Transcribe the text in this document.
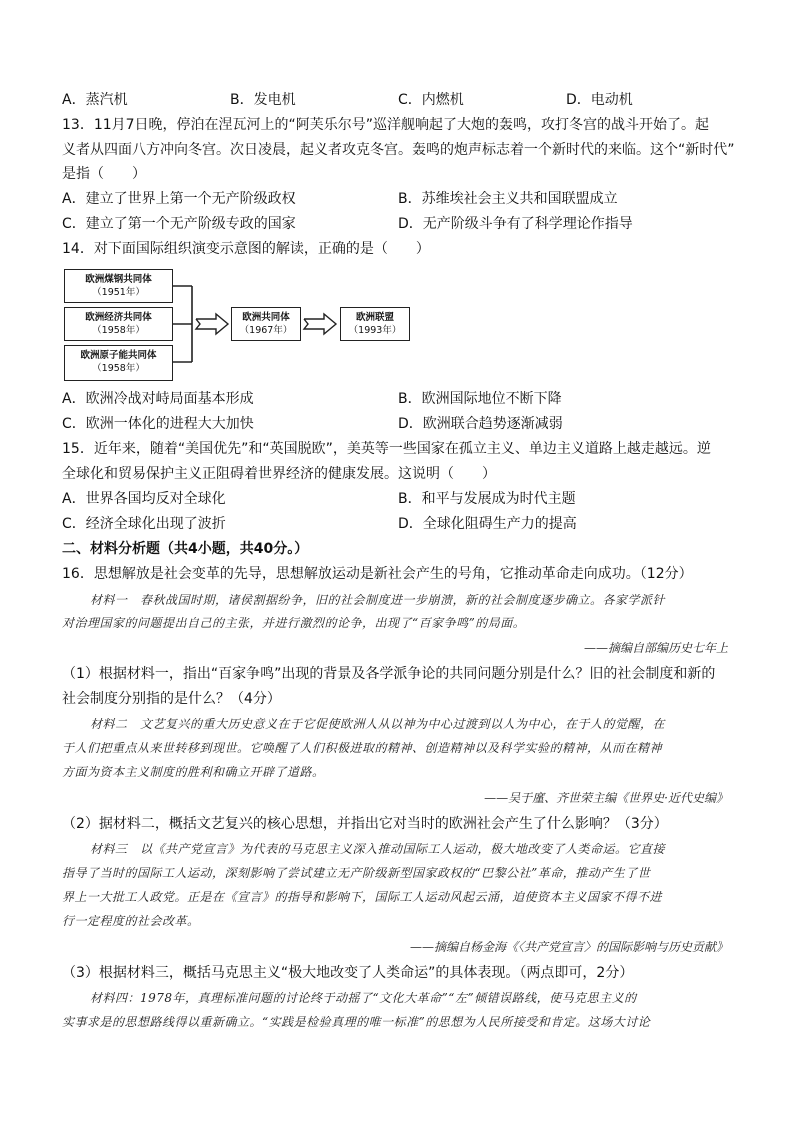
A．蒸汽机	B．发电机	C．内燃机	D．电动机
13．11月7日晚，停泊在涅瓦河上的“阿芙乐尔号”巡洋舰响起了大炮的轰鸣，攻打冬宫的战斗开始了。起
义者从四面八方冲向冬宫。次日凌晨，起义者攻克冬宫。轰鸣的炮声标志着一个新时代的来临。这个“新时代”
是指（　　）
A．建立了世界上第一个无产阶级政权	B．苏维埃社会主义共和国联盟成立
C．建立了第一个无产阶级专政的国家	D．无产阶级斗争有了科学理论作指导
14．对下面国际组织演变示意图的解读，正确的是（　　）
欧洲煤钢共同体
（1951年）
欧洲经济共同体
（1958年）
欧洲原子能共同体
（1958年）
欧洲共同体
（1967年）
欧洲联盟
（1993年）
A．欧洲冷战对峙局面基本形成	B．欧洲国际地位不断下降
C．欧洲一体化的进程大大加快	D．欧洲联合趋势逐渐减弱
15．近年来，随着“美国优先”和“英国脱欧”，美英等一些国家在孤立主义、单边主义道路上越走越远。逆
全球化和贸易保护主义正阻碍着世界经济的健康发展。这说明（　　）
A．世界各国均反对全球化	B．和平与发展成为时代主题
C．经济全球化出现了波折	D．全球化阻碍生产力的提高
二、材料分析题（共4小题，共40分。）
16．思想解放是社会变革的先导，思想解放运动是新社会产生的号角，它推动革命走向成功。（12分）
材料一　春秋战国时期，诸侯割据纷争，旧的社会制度进一步崩溃，新的社会制度逐步确立。各家学派针
对治理国家的问题提出自己的主张，并进行激烈的论争，出现了“百家争鸣”的局面。
——摘编自部编历史七年上
（1）根据材料一，指出“百家争鸣”出现的背景及各学派争论的共同问题分别是什么？旧的社会制度和新的
社会制度分别指的是什么？（4分）
材料二　文艺复兴的重大历史意义在于它促使欧洲人从以神为中心过渡到以人为中心，在于人的觉醒，在
于人们把重点从来世转移到现世。它唤醒了人们积极进取的精神、创造精神以及科学实验的精神，从而在精神
方面为资本主义制度的胜利和确立开辟了道路。
——吴于廑、齐世荣主编《世界史·近代史编》
（2）据材料二，概括文艺复兴的核心思想，并指出它对当时的欧洲社会产生了什么影响？（3分）
材料三　以《共产党宣言》为代表的马克思主义深入推动国际工人运动，极大地改变了人类命运。它直接
指导了当时的国际工人运动，深刻影响了尝试建立无产阶级新型国家政权的“巴黎公社”革命，推动产生了世
界上一大批工人政党。正是在《宣言》的指导和影响下，国际工人运动风起云涌，迫使资本主义国家不得不进
行一定程度的社会改革。
——摘编自杨金海《〈共产党宣言〉的国际影响与历史贡献》
（3）根据材料三，概括马克思主义“极大地改变了人类命运”的具体表现。（两点即可，2分）
材料四：1978年，真理标准问题的讨论终于动摇了“文化大革命”“左”倾错误路线，使马克思主义的
实事求是的思想路线得以重新确立。“实践是检验真理的唯一标准”的思想为人民所接受和肯定。这场大讨论
